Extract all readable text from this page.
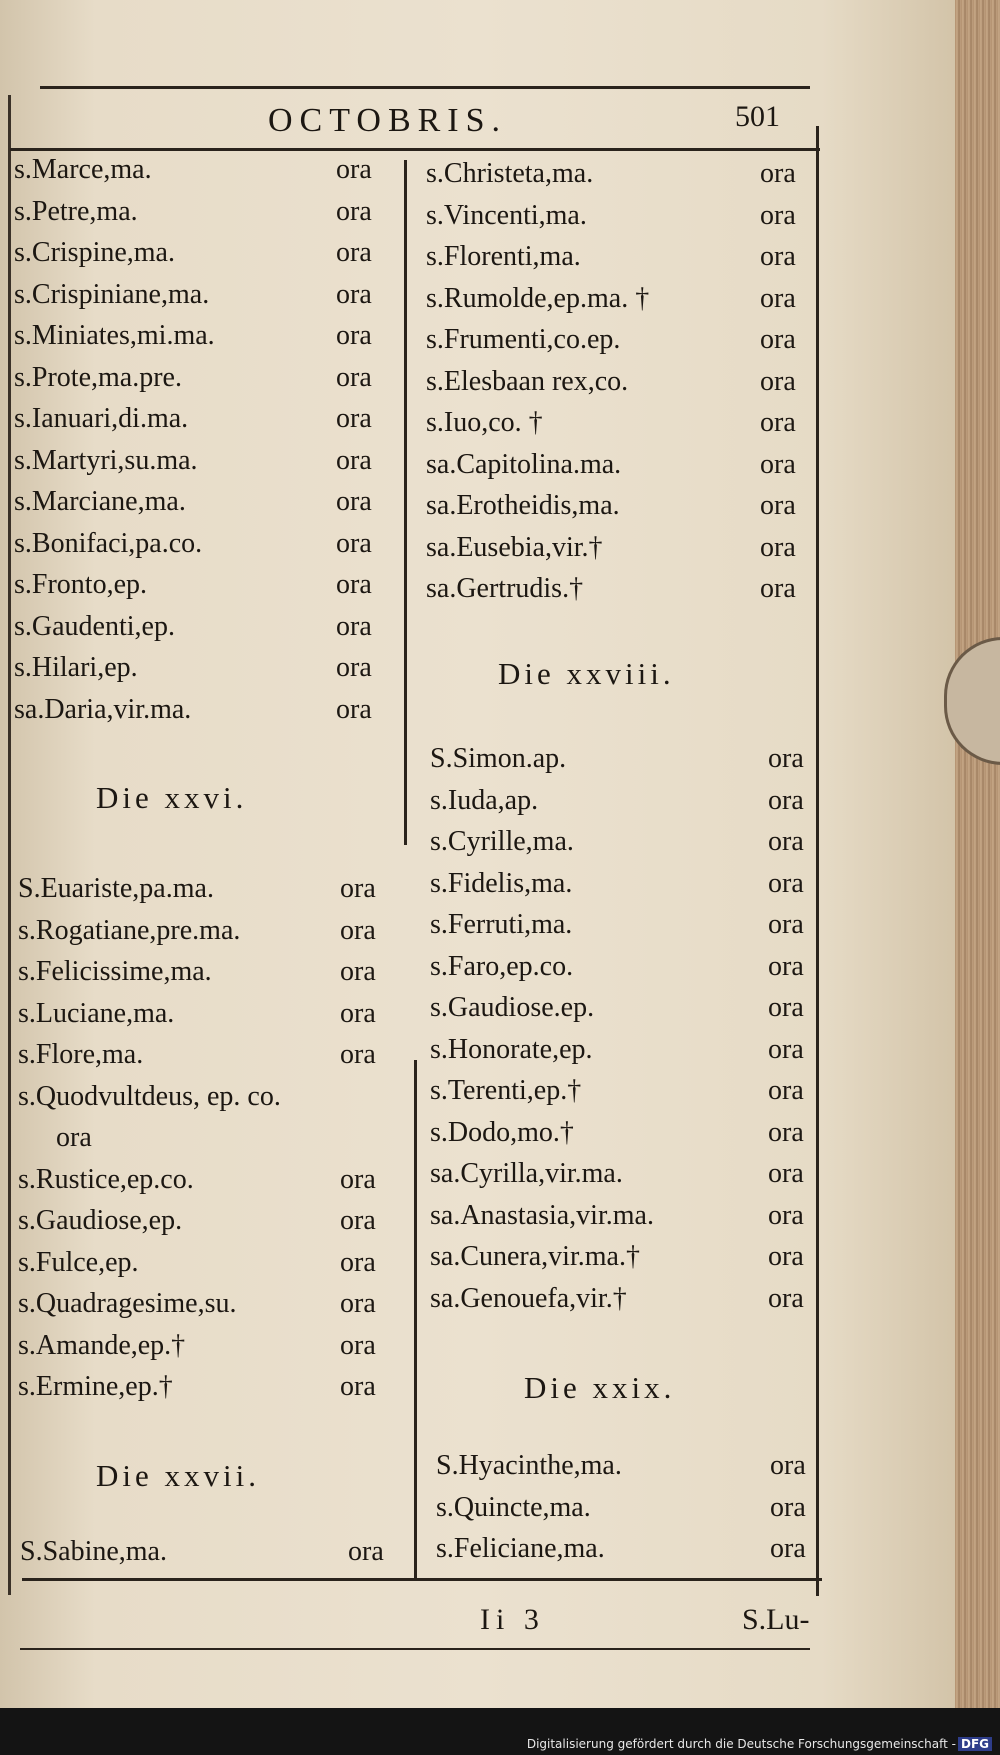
OCTOBRIS.	501
s.Marce,ma.	ora
s.Petre,ma.	ora
s.Crispine,ma.	ora
s.Crispiniane,ma.	ora
s.Miniates,mi.ma.	ora
s.Prote,ma.pre.	ora
s.Ianuari,di.ma.	ora
s.Martyri,su.ma.	ora
s.Marciane,ma.	ora
s.Bonifaci,pa.co.	ora
s.Fronto,ep.	ora
s.Gaudenti,ep.	ora
s.Hilari,ep.	ora
sa.Daria,vir.ma.	ora
Die xxvi.
S.Euariste,pa.ma.	ora
s.Rogatiane,pre.ma.	ora
s.Felicissime,ma.	ora
s.Luciane,ma.	ora
s.Flore,ma.	ora
s.Quodvultdeus, ep. co.
ora
s.Rustice,ep.co.	ora
s.Gaudiose,ep.	ora
s.Fulce,ep.	ora
s.Quadragesime,su.	ora
s.Amande,ep.†	ora
s.Ermine,ep.†	ora
Die xxvii.
S.Sabine,ma.	ora
s.Christeta,ma.	ora
s.Vincenti,ma.	ora
s.Florenti,ma.	ora
s.Rumolde,ep.ma. †	ora
s.Frumenti,co.ep.	ora
s.Elesbaan rex,co.	ora
s.Iuo,co. †	ora
sa.Capitolina.ma.	ora
sa.Erotheidis,ma.	ora
sa.Eusebia,vir.†	ora
sa.Gertrudis.†	ora
Die xxviii.
S.Simon.ap.	ora
s.Iuda,ap.	ora
s.Cyrille,ma.	ora
s.Fidelis,ma.	ora
s.Ferruti,ma.	ora
s.Faro,ep.co.	ora
s.Gaudiose.ep.	ora
s.Honorate,ep.	ora
s.Terenti,ep.†	ora
s.Dodo,mo.†	ora
sa.Cyrilla,vir.ma.	ora
sa.Anastasia,vir.ma.	ora
sa.Cunera,vir.ma.†	ora
sa.Genouefa,vir.†	ora
Die xxix.
S.Hyacinthe,ma.	ora
s.Quincte,ma.	ora
s.Feliciane,ma.	ora
Ii 3	S.Lu-
Digitalisierung gefördert durch die Deutsche Forschungsgemeinschaft - DFG
